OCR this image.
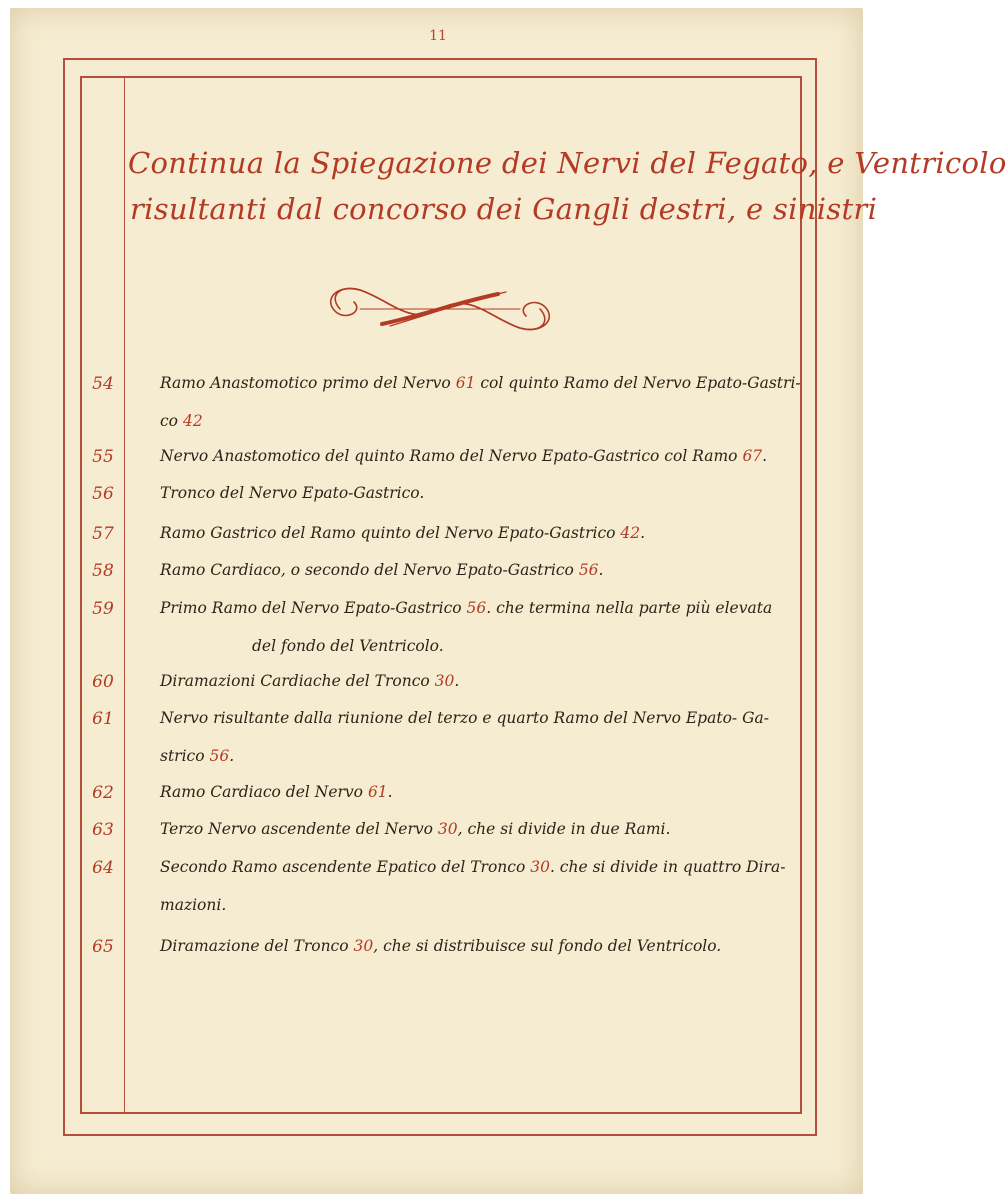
11
Continua la Spiegazione dei Nervi del Fegato, e Ventricolo
risultanti dal concorso dei Gangli destri, e sinistri
54	Ramo Anastomotico primo del Nervo 61 col quinto Ramo del Nervo Epato-Gastri-
co 42
55	Nervo Anastomotico del quinto Ramo del Nervo Epato-Gastrico col Ramo 67.
56	Tronco del Nervo Epato-Gastrico.
57	Ramo Gastrico del Ramo quinto del Nervo Epato-Gastrico 42.
58	Ramo Cardiaco, o secondo del Nervo Epato-Gastrico 56.
59	Primo Ramo del Nervo Epato-Gastrico 56. che termina nella parte più elevata
del fondo del Ventricolo.
60	Diramazioni Cardiache del Tronco 30.
61	Nervo risultante dalla riunione del terzo e quarto Ramo del Nervo Epato- Ga-
strico 56.
62	Ramo Cardiaco del Nervo 61.
63	Terzo Nervo ascendente del Nervo 30, che si divide in due Rami.
64	Secondo Ramo ascendente Epatico del Tronco 30. che si divide in quattro Dira-
mazioni.
65	Diramazione del Tronco 30, che si distribuisce sul fondo del Ventricolo.
